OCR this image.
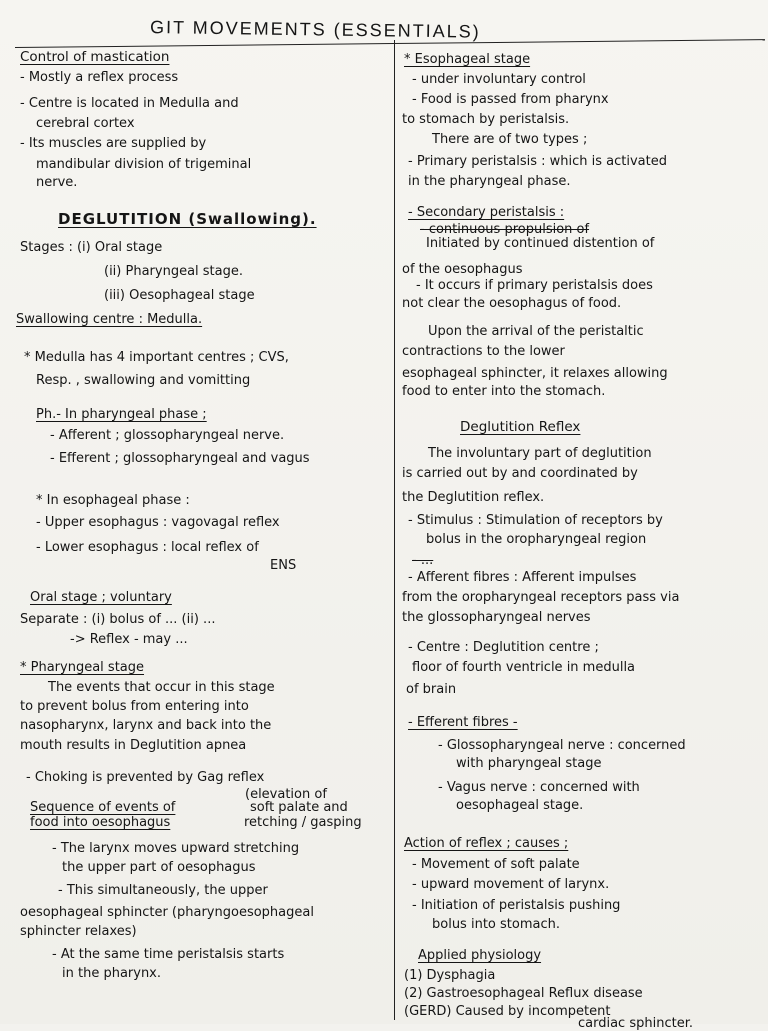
GIT MOVEMENTS (ESSENTIALS)
Control of mastication
- Mostly a reflex process
- Centre is located in Medulla and
cerebral cortex
- Its muscles are supplied by
mandibular division of trigeminal
nerve.
DEGLUTITION (Swallowing).
Stages : (i) Oral stage
(ii) Pharyngeal stage.
(iii) Oesophageal stage
Swallowing centre : Medulla.
* Medulla has 4 important centres ; CVS,
Resp. , swallowing and vomitting
Ph.- In pharyngeal phase ;
- Afferent ; glossopharyngeal nerve.
- Efferent ; glossopharyngeal and vagus
* In esophageal phase :
- Upper esophagus : vagovagal reflex
- Lower esophagus : local reflex of
ENS
Oral stage ; voluntary
Separate : (i) bolus of ... (ii) ...
-> Reflex - may ...
* Pharyngeal stage
The events that occur in this stage
to prevent bolus from entering into
nasopharynx, larynx and back into the
mouth results in Deglutition apnea
- Choking is prevented by Gag reflex
(elevation of
Sequence of events of	soft palate and
food into oesophagus	retching / gasping
- The larynx moves upward stretching
the upper part of oesophagus
- This simultaneously, the upper
oesophageal sphincter (pharyngoesophageal
sphincter relaxes)
- At the same time peristalsis starts
in the pharynx.
* Esophageal stage
- under involuntary control
- Food is passed from pharynx
to stomach by peristalsis.
There are of two types ;
- Primary peristalsis : which is activated
in the pharyngeal phase.
- Secondary peristalsis :
- continuous propulsion of
Initiated by continued distention of
of the oesophagus
- It occurs if primary peristalsis does
not clear the oesophagus of food.
Upon the arrival of the peristaltic
contractions to the lower
esophageal sphincter, it relaxes allowing
food to enter into the stomach.
Deglutition Reflex
The involuntary part of deglutition
is carried out by and coordinated by
the Deglutition reflex.
- Stimulus : Stimulation of receptors by
bolus in the oropharyngeal region
- ...
- Afferent fibres : Afferent impulses
from the oropharyngeal receptors pass via
the glossopharyngeal nerves
- Centre : Deglutition centre ;
floor of fourth ventricle in medulla
of brain
- Efferent fibres -
- Glossopharyngeal nerve : concerned
with pharyngeal stage
- Vagus nerve : concerned with
oesophageal stage.
Action of reflex ; causes ;
- Movement of soft palate
- upward movement of larynx.
- Initiation of peristalsis pushing
bolus into stomach.
Applied physiology
(1) Dysphagia
(2) Gastroesophageal Reflux disease
(GERD) Caused by incompetent
cardiac sphincter.
